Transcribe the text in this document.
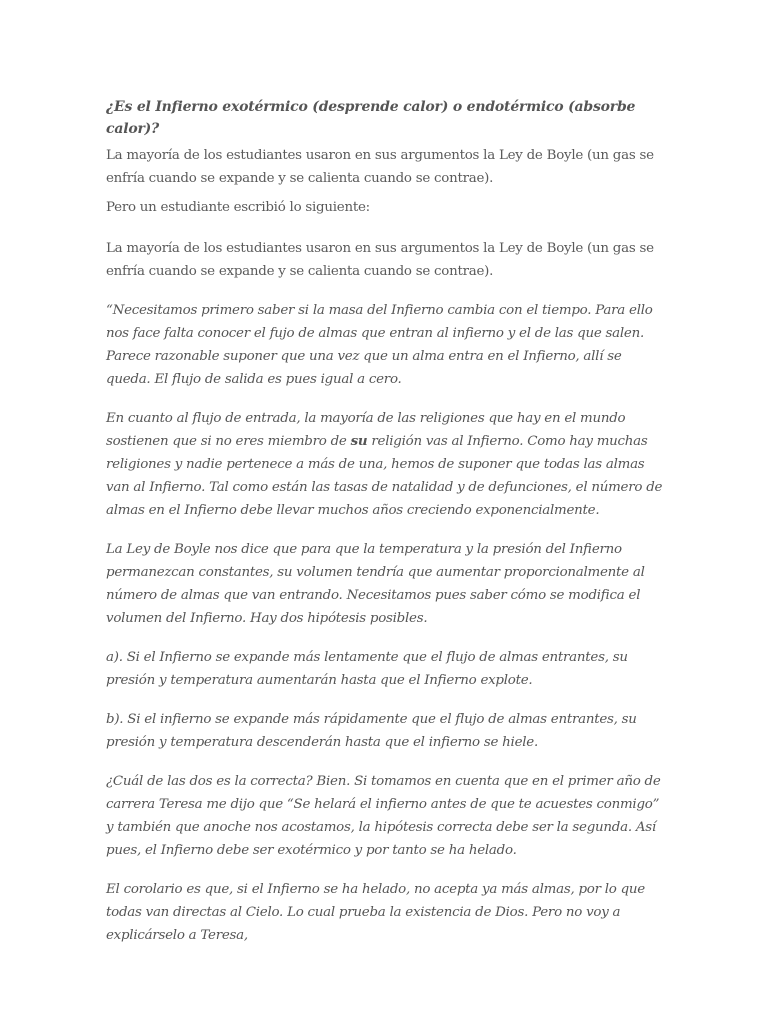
¿Es el Infierno exotérmico (desprende calor) o endotérmico (absorbe calor)?

La mayoría de los estudiantes usaron en sus argumentos la Ley de Boyle (un gas se enfría cuando se expande y se calienta cuando se contrae).

Pero un estudiante escribió lo siguiente:

La mayoría de los estudiantes usaron en sus argumentos la Ley de Boyle (un gas se enfría cuando se expande y se calienta cuando se contrae).

“Necesitamos primero saber si la masa del Infierno cambia con el tiempo. Para ello nos face falta conocer el fujo de almas que entran al infierno y el de las que salen. Parece razonable suponer que una vez que un alma entra en el Infierno, allí se queda. El flujo de salida es pues igual a cero.

En cuanto al flujo de entrada, la mayoría de las religiones que hay en el mundo sostienen que si no eres miembro de su religión vas al Infierno. Como hay muchas religiones y nadie pertenece a más de una, hemos de suponer que todas las almas van al Infierno. Tal como están las tasas de natalidad y de defunciones, el número de almas en el Infierno debe llevar muchos años creciendo exponencialmente.

La Ley de Boyle nos dice que para que la temperatura y la presión del Infierno permanezcan constantes, su volumen tendría que aumentar proporcionalmente al número de almas que van entrando. Necesitamos pues saber cómo se modifica el volumen del Infierno. Hay dos hipótesis posibles.

a). Si el Infierno se expande más lentamente que el flujo de almas entrantes, su presión y temperatura aumentarán hasta que el Infierno explote.

b). Si el infierno se expande más rápidamente que el flujo de almas entrantes, su presión y temperatura descenderán hasta que el infierno se hiele.

¿Cuál de las dos es la correcta? Bien. Si tomamos en cuenta que en el primer año de carrera Teresa me dijo que “Se helará el infierno antes de que te acuestes conmigo” y también que anoche nos acostamos, la hipótesis correcta debe ser la segunda. Así pues, el Infierno debe ser exotérmico y por tanto se ha helado.

El corolario es que, si el Infierno se ha helado, no acepta ya más almas, por lo que todas van directas al Cielo. Lo cual prueba la existencia de Dios. Pero no voy a explicárselo a Teresa,
